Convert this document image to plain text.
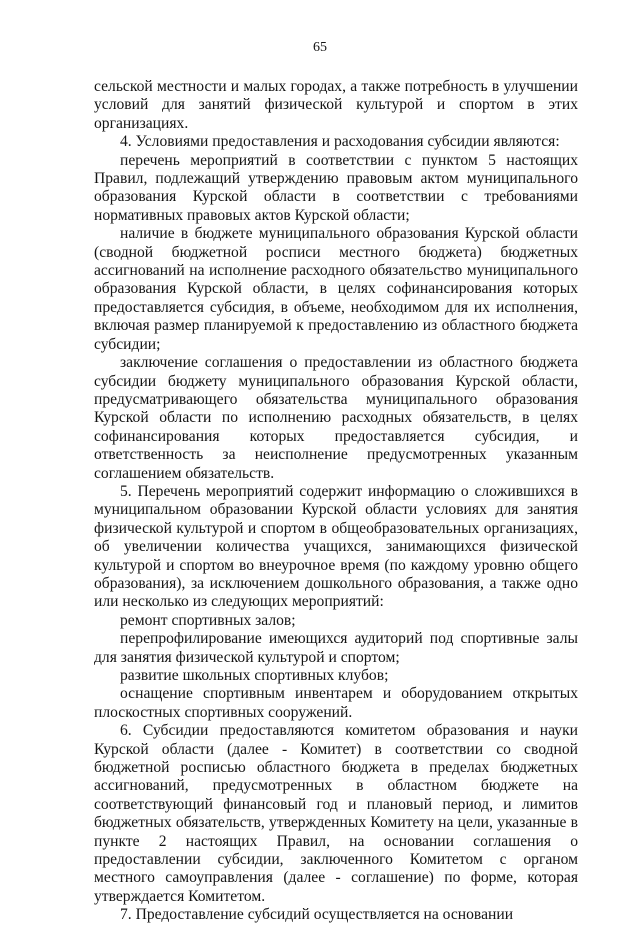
65

сельской местности и малых городах, а также потребность в улучшении условий для занятий физической культурой и спортом в этих организациях.

4. Условиями предоставления и расходования субсидии являются:

перечень мероприятий в соответствии с пунктом 5 настоящих Правил, подлежащий утверждению правовым актом муниципального образования Курской области в соответствии с требованиями нормативных правовых актов Курской области;

наличие в бюджете муниципального образования Курской области (сводной бюджетной росписи местного бюджета) бюджетных ассигнований на исполнение расходного обязательство муниципального образования Курской области, в целях софинансирования которых предоставляется субсидия, в объеме, необходимом для их исполнения, включая размер планируемой к предоставлению из областного бюджета субсидии;

заключение соглашения о предоставлении из областного бюджета субсидии бюджету муниципального образования Курской области, предусматривающего обязательства муниципального образования Курской области по исполнению расходных обязательств, в целях софинансирования которых предоставляется субсидия, и ответственность за неисполнение предусмотренных указанным соглашением обязательств.

5. Перечень мероприятий содержит информацию о сложившихся в муниципальном образовании Курской области условиях для занятия физической культурой и спортом в общеобразовательных организациях, об увеличении количества учащихся, занимающихся физической культурой и спортом во внеурочное время (по каждому уровню общего образования), за исключением дошкольного образования, а также одно или несколько из следующих мероприятий:

ремонт спортивных залов;

перепрофилирование имеющихся аудиторий под спортивные залы для занятия физической культурой и спортом;

развитие школьных спортивных клубов;

оснащение спортивным инвентарем и оборудованием открытых плоскостных спортивных сооружений.

6. Субсидии предоставляются комитетом образования и науки Курской области (далее - Комитет) в соответствии со сводной бюджетной росписью областного бюджета в пределах бюджетных ассигнований, предусмотренных в областном бюджете на соответствующий финансовый год и плановый период, и лимитов бюджетных обязательств, утвержденных Комитету на цели, указанные в пункте 2 настоящих Правил, на основании соглашения о предоставлении субсидии, заключенного Комитетом с органом местного самоуправления (далее - соглашение) по форме, которая утверждается Комитетом.

7. Предоставление субсидий осуществляется на основании
